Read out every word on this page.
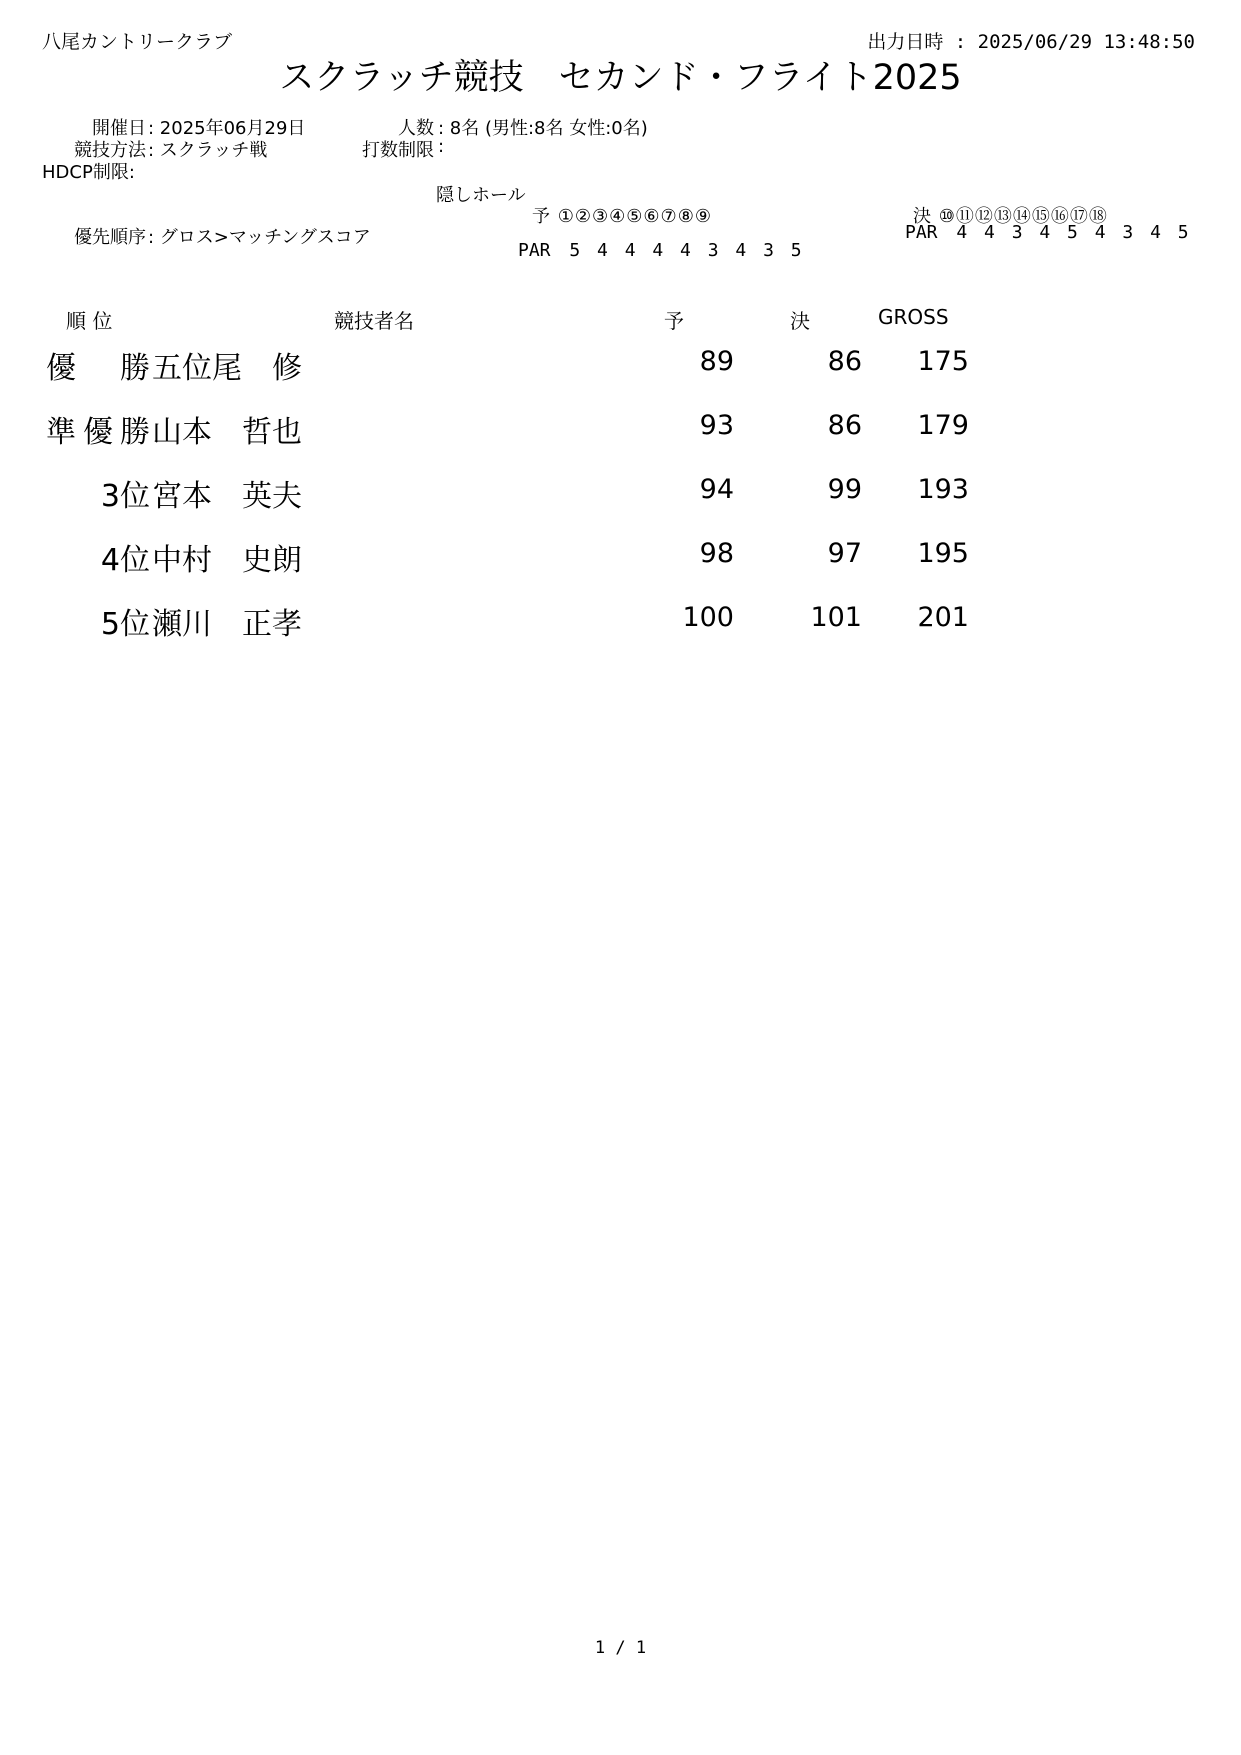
八尾カントリークラブ	出力日時 : 2025/06/29 13:48:50
スクラッチ競技　セカンド・フライト2025
開催日 : 2025年06月29日	人数 : 8名 (男性:8名 女性:0名)
競技方法 : スクラッチ戦	打数制限 :
HDCP制限:
隠しホール
優先順序 : グロス>マッチングスコア
予 ①②③④⑤⑥⑦⑧⑨
PAR 5 4 4 4 4 3 4 3 5
決 ⑩⑪⑫⑬⑭⑮⑯⑰⑱
PAR 4 4 3 4 5 4 3 4 5
順 位	競技者名	予	決	GROSS
優　勝 五位尾　修	89	86	175
準優勝 山本　哲也	93	86	179
3位 宮本　英夫	94	99	193
4位 中村　史朗	98	97	195
5位 瀬川　正孝	100	101	201
1 / 1
